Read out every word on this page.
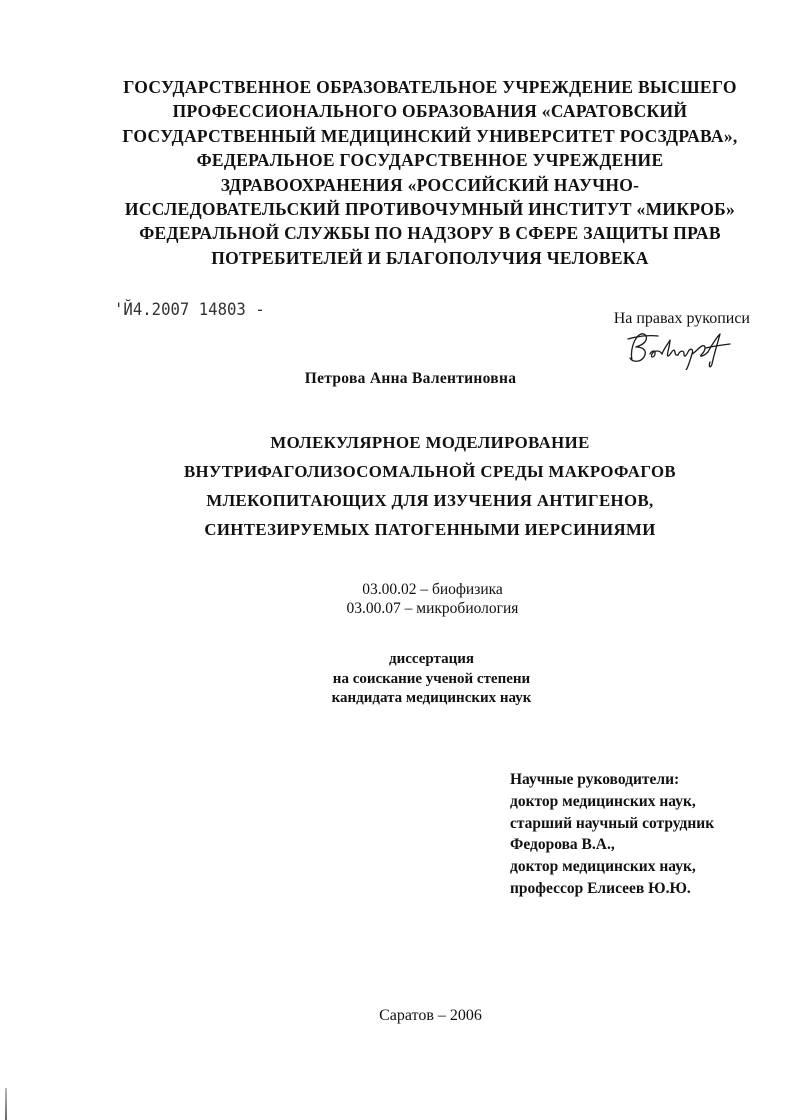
ГОСУДАРСТВЕННОЕ ОБРАЗОВАТЕЛЬНОЕ УЧРЕЖДЕНИЕ ВЫСШЕГО
ПРОФЕССИОНАЛЬНОГО ОБРАЗОВАНИЯ «САРАТОВСКИЙ
ГОСУДАРСТВЕННЫЙ МЕДИЦИНСКИЙ УНИВЕРСИТЕТ РОСЗДРАВА»,
ФЕДЕРАЛЬНОЕ ГОСУДАРСТВЕННОЕ УЧРЕЖДЕНИЕ
ЗДРАВООХРАНЕНИЯ «РОССИЙСКИЙ НАУЧНО-
ИССЛЕДОВАТЕЛЬСКИЙ ПРОТИВОЧУМНЫЙ ИНСТИТУТ «МИКРОБ»
ФЕДЕРАЛЬНОЙ СЛУЖБЫ ПО НАДЗОРУ В СФЕРЕ ЗАЩИТЫ ПРАВ
ПОТРЕБИТЕЛЕЙ И БЛАГОПОЛУЧИЯ ЧЕЛОВЕКА
'Й4.2007 14803 -	На правах рукописи
Петрова Анна Валентиновна
МОЛЕКУЛЯРНОЕ МОДЕЛИРОВАНИЕ
ВНУТРИФАГОЛИЗОСОМАЛЬНОЙ СРЕДЫ МАКРОФАГОВ
МЛЕКОПИТАЮЩИХ ДЛЯ ИЗУЧЕНИЯ АНТИГЕНОВ,
СИНТЕЗИРУЕМЫХ ПАТОГЕННЫМИ ИЕРСИНИЯМИ
03.00.02 – биофизика
03.00.07 – микробиология
диссертация
на соискание ученой степени
кандидата медицинских наук
Научные руководители:
доктор медицинских наук,
старший научный сотрудник
Федорова В.А.,
доктор медицинских наук,
профессор Елисеев Ю.Ю.
Саратов – 2006
